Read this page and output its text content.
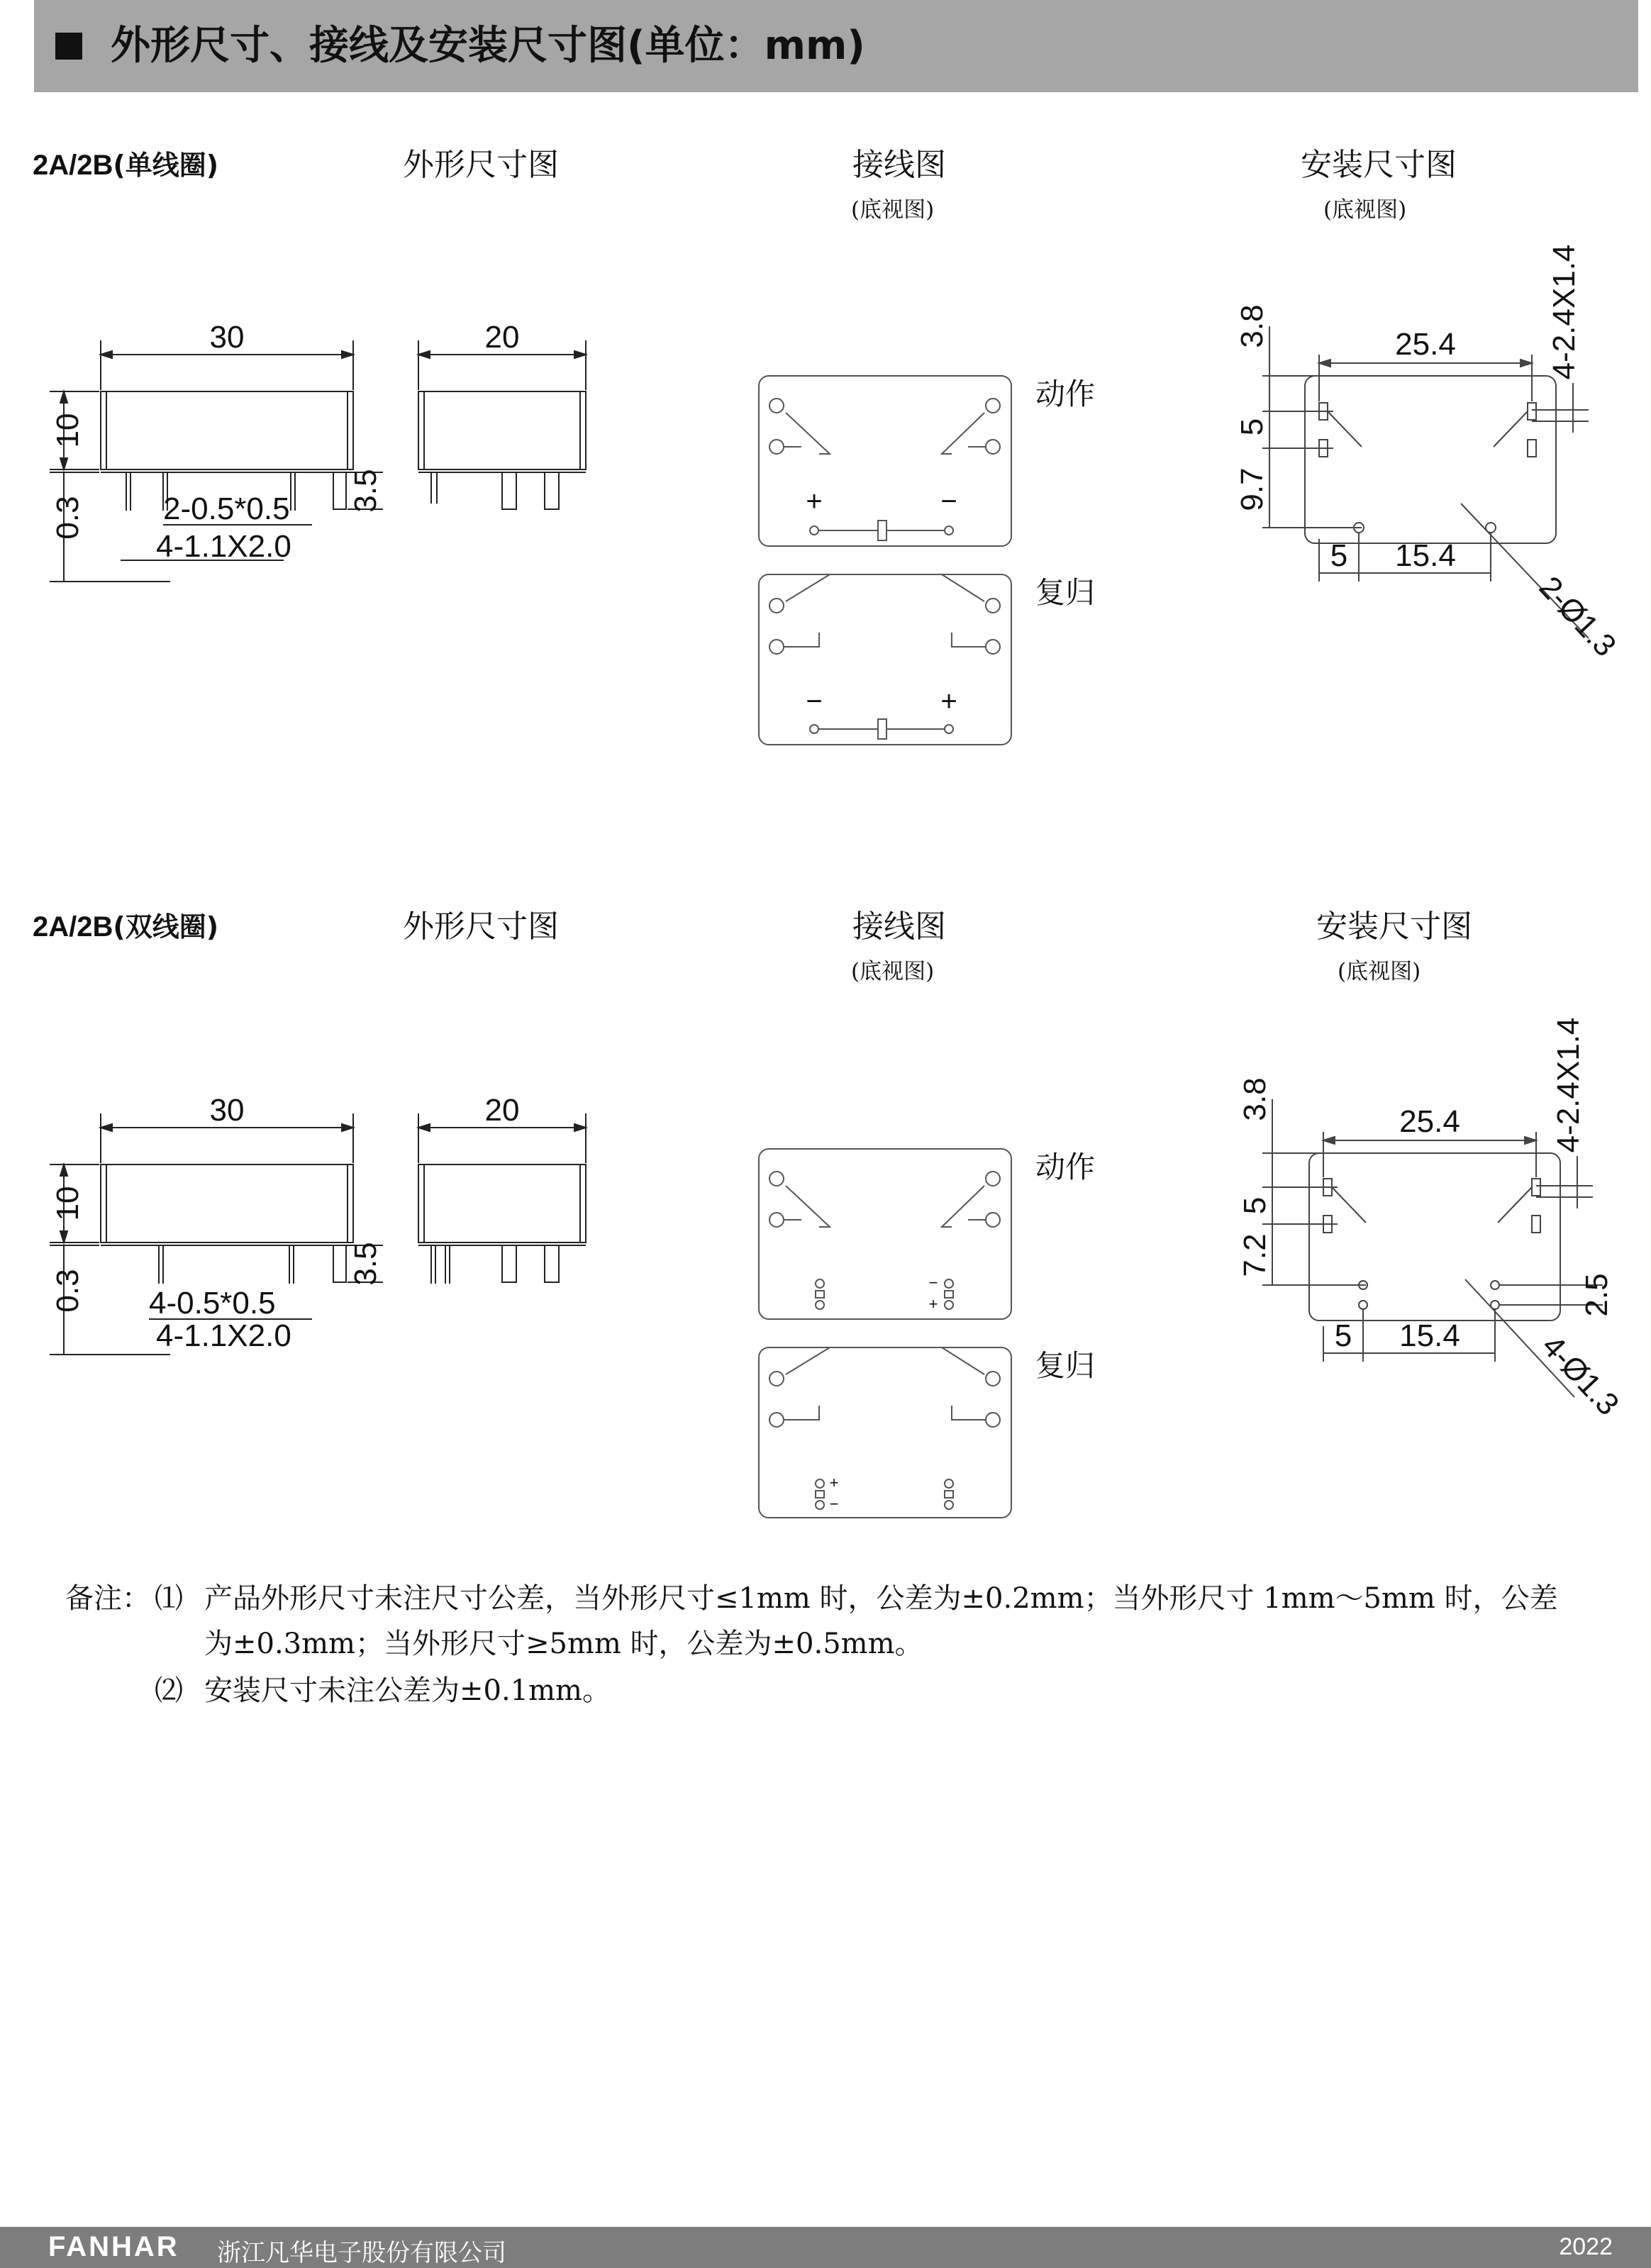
外形尺寸、接线及安装尺寸图(单位：mm)
2A/2B(单线圈)	外形尺寸图	接线图
(底视图)
安装尺寸图
(底视图)
30
10
0.3
3.5
2-0.5*0.5
4-1.1X2.0
20
+	−
动作
−	+
复归
25.4
3.8
5
9.7
4-2.4X1.4
5 15.4
2-Ø1.3
2A/2B(双线圈)	外形尺寸图	接线图
(底视图)
安装尺寸图
(底视图)
30
10
0.3
3.5
4-0.5*0.5
4-1.1X2.0
20
−
+
动作
+
−
复归
25.4
3.8
5
7.2
4-2.4X1.4
2.5
5 15.4 4-Ø1.3
备注： ⑴ 产品外形尺寸未注尺寸公差，当外形尺寸≤1mm 时，公差为±0.2mm；当外形尺寸 1mm～5mm 时，公差
为±0.3mm；当外形尺寸≥5mm 时，公差为±0.5mm。
⑵ 安装尺寸未注公差为±0.1mm。
FANHAR 浙江凡华电子股份有限公司	2022
